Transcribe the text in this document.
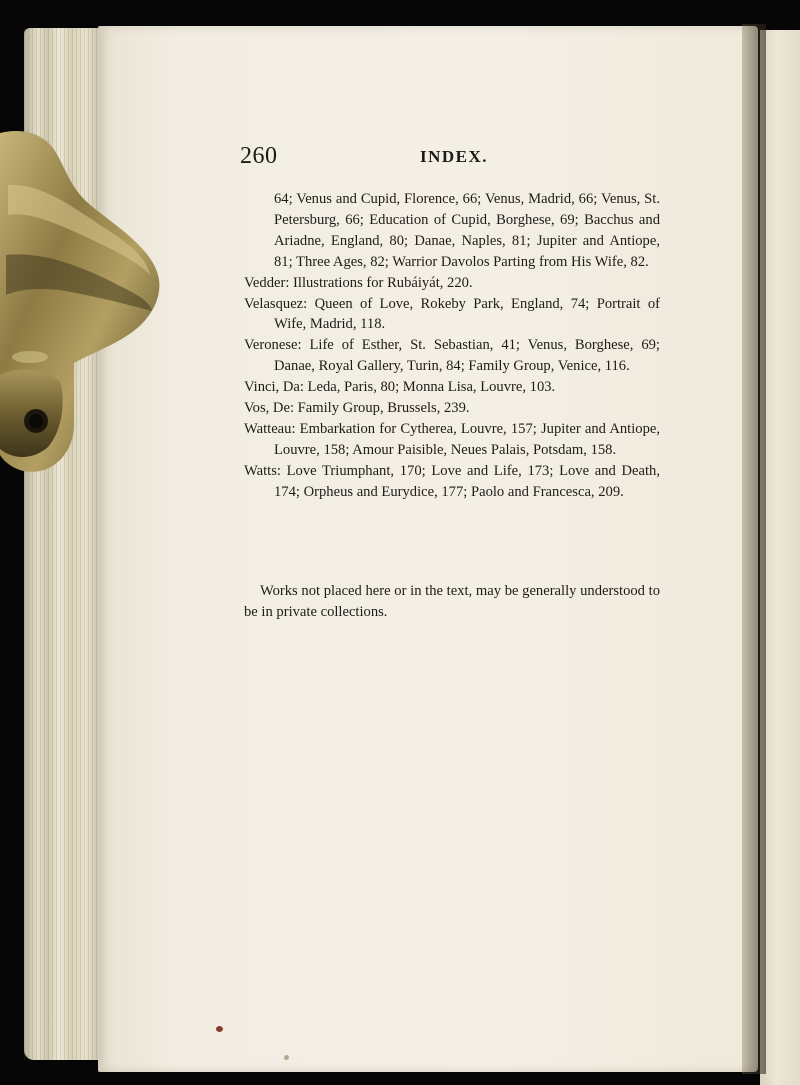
260	INDEX.

64; Venus and Cupid, Florence, 66; Venus, Madrid, 66; Venus, St. Petersburg, 66; Education of Cupid, Borghese, 69; Bacchus and Ariadne, England, 80; Danae, Naples, 81; Jupiter and Antiope, 81; Three Ages, 82; Warrior Davolos Parting from His Wife, 82.

Vedder: Illustrations for Rubáiyát, 220.

Velasquez: Queen of Love, Rokeby Park, England, 74; Portrait of Wife, Madrid, 118.

Veronese: Life of Esther, St. Sebastian, 41; Venus, Borghese, 69; Danae, Royal Gallery, Turin, 84; Family Group, Venice, 116.

Vinci, Da: Leda, Paris, 80; Monna Lisa, Louvre, 103.

Vos, De: Family Group, Brussels, 239.

Watteau: Embarkation for Cytherea, Louvre, 157; Jupiter and Antiope, Louvre, 158; Amour Paisible, Neues Palais, Potsdam, 158.

Watts: Love Triumphant, 170; Love and Life, 173; Love and Death, 174; Orpheus and Eurydice, 177; Paolo and Francesca, 209.

Works not placed here or in the text, may be generally understood to be in private collections.
